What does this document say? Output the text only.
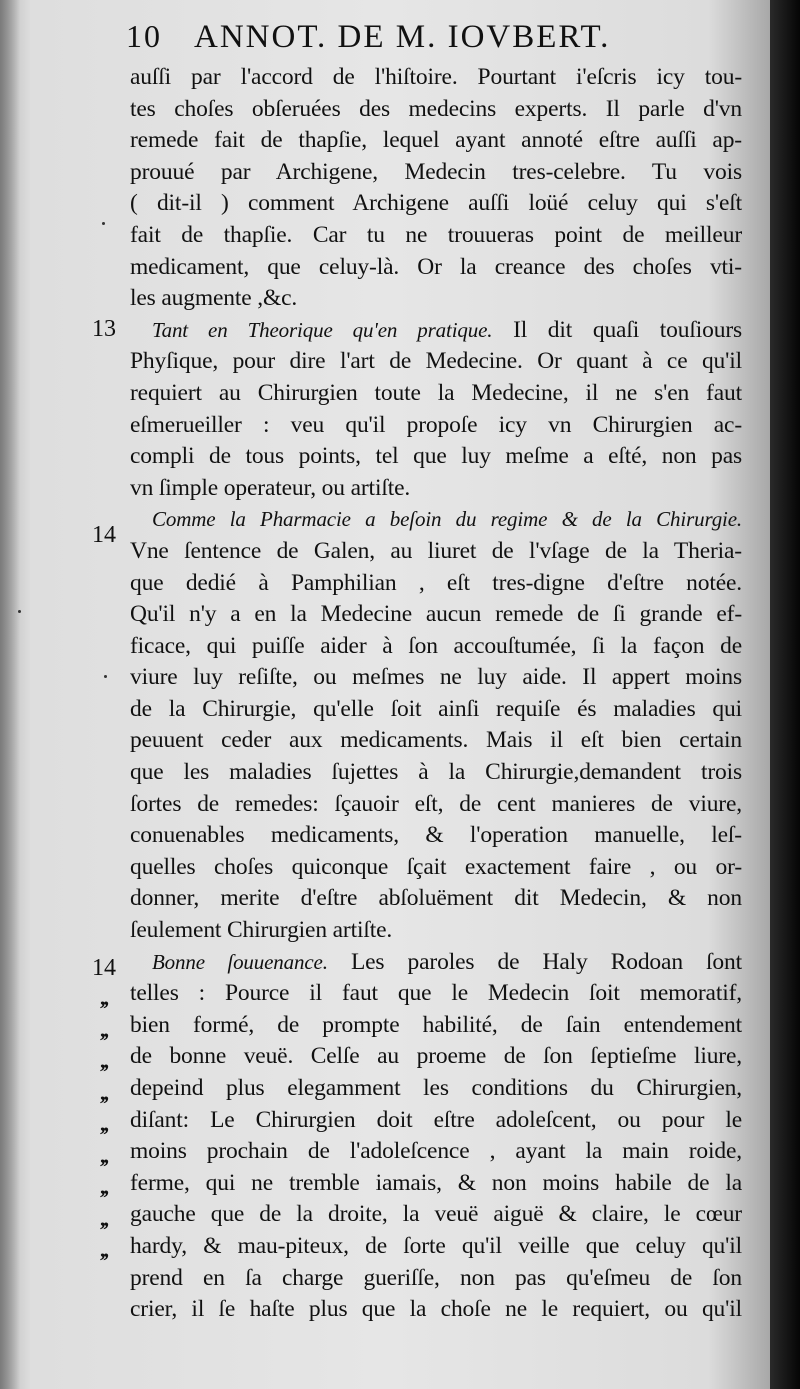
10 ANNOT. DE M. IOVBERT.
13
14
14
,,
,,
,,
,,
,,
,,
,,
,,
,,
auſſi par l'accord de l'hiſtoire. Pourtant i'eſcris icy tou-
tes choſes obſeruées des medecins experts. Il parle d'vn
remede fait de thapſie, lequel ayant annoté eſtre auſſi ap-
prouué par Archigene, Medecin tres-celebre. Tu vois
( dit-il ) comment Archigene auſſi loüé celuy qui s'eſt
fait de thapſie. Car tu ne trouueras point de meilleur
medicament, que celuy-là. Or la creance des choſes vti-
les augmente ,&c.
Tant en Theorique qu'en pratique. Il dit quaſi touſiours
Phyſique, pour dire l'art de Medecine. Or quant à ce qu'il
requiert au Chirurgien toute la Medecine, il ne s'en faut
eſmerueiller : veu qu'il propoſe icy vn Chirurgien ac-
compli de tous points, tel que luy meſme a eſté, non pas
vn ſimple operateur, ou artiſte.
Comme la Pharmacie a beſoin du regime & de la Chirurgie.
Vne ſentence de Galen, au liuret de l'vſage de la Theria-
que dedié à Pamphilian , eſt tres-digne d'eſtre notée.
Qu'il n'y a en la Medecine aucun remede de ſi grande ef-
ficace, qui puiſſe aider à ſon accouſtumée, ſi la façon de
viure luy reſiſte, ou meſmes ne luy aide. Il appert moins
de la Chirurgie, qu'elle ſoit ainſi requiſe és maladies qui
peuuent ceder aux medicaments. Mais il eſt bien certain
que les maladies ſujettes à la Chirurgie,demandent trois
ſortes de remedes: ſçauoir eſt, de cent manieres de viure,
conuenables medicaments, & l'operation manuelle, leſ-
quelles choſes quiconque ſçait exactement faire , ou or-
donner, merite d'eſtre abſoluëment dit Medecin, & non
ſeulement Chirurgien artiſte.
Bonne ſouuenance. Les paroles de Haly Rodoan ſont
telles : Pource il faut que le Medecin ſoit memoratif,
bien formé, de prompte habilité, de ſain entendement
de bonne veuë. Celſe au proeme de ſon ſeptieſme liure,
depeind plus elegamment les conditions du Chirurgien,
diſant: Le Chirurgien doit eſtre adoleſcent, ou pour le
moins prochain de l'adoleſcence , ayant la main roide,
ferme, qui ne tremble iamais, & non moins habile de la
gauche que de la droite, la veuë aiguë & claire, le cœur
hardy, & mau-piteux, de ſorte qu'il veille que celuy qu'il
prend en ſa charge gueriſſe, non pas qu'eſmeu de ſon
crier, il ſe haſte plus que la choſe ne le requiert, ou qu'il
